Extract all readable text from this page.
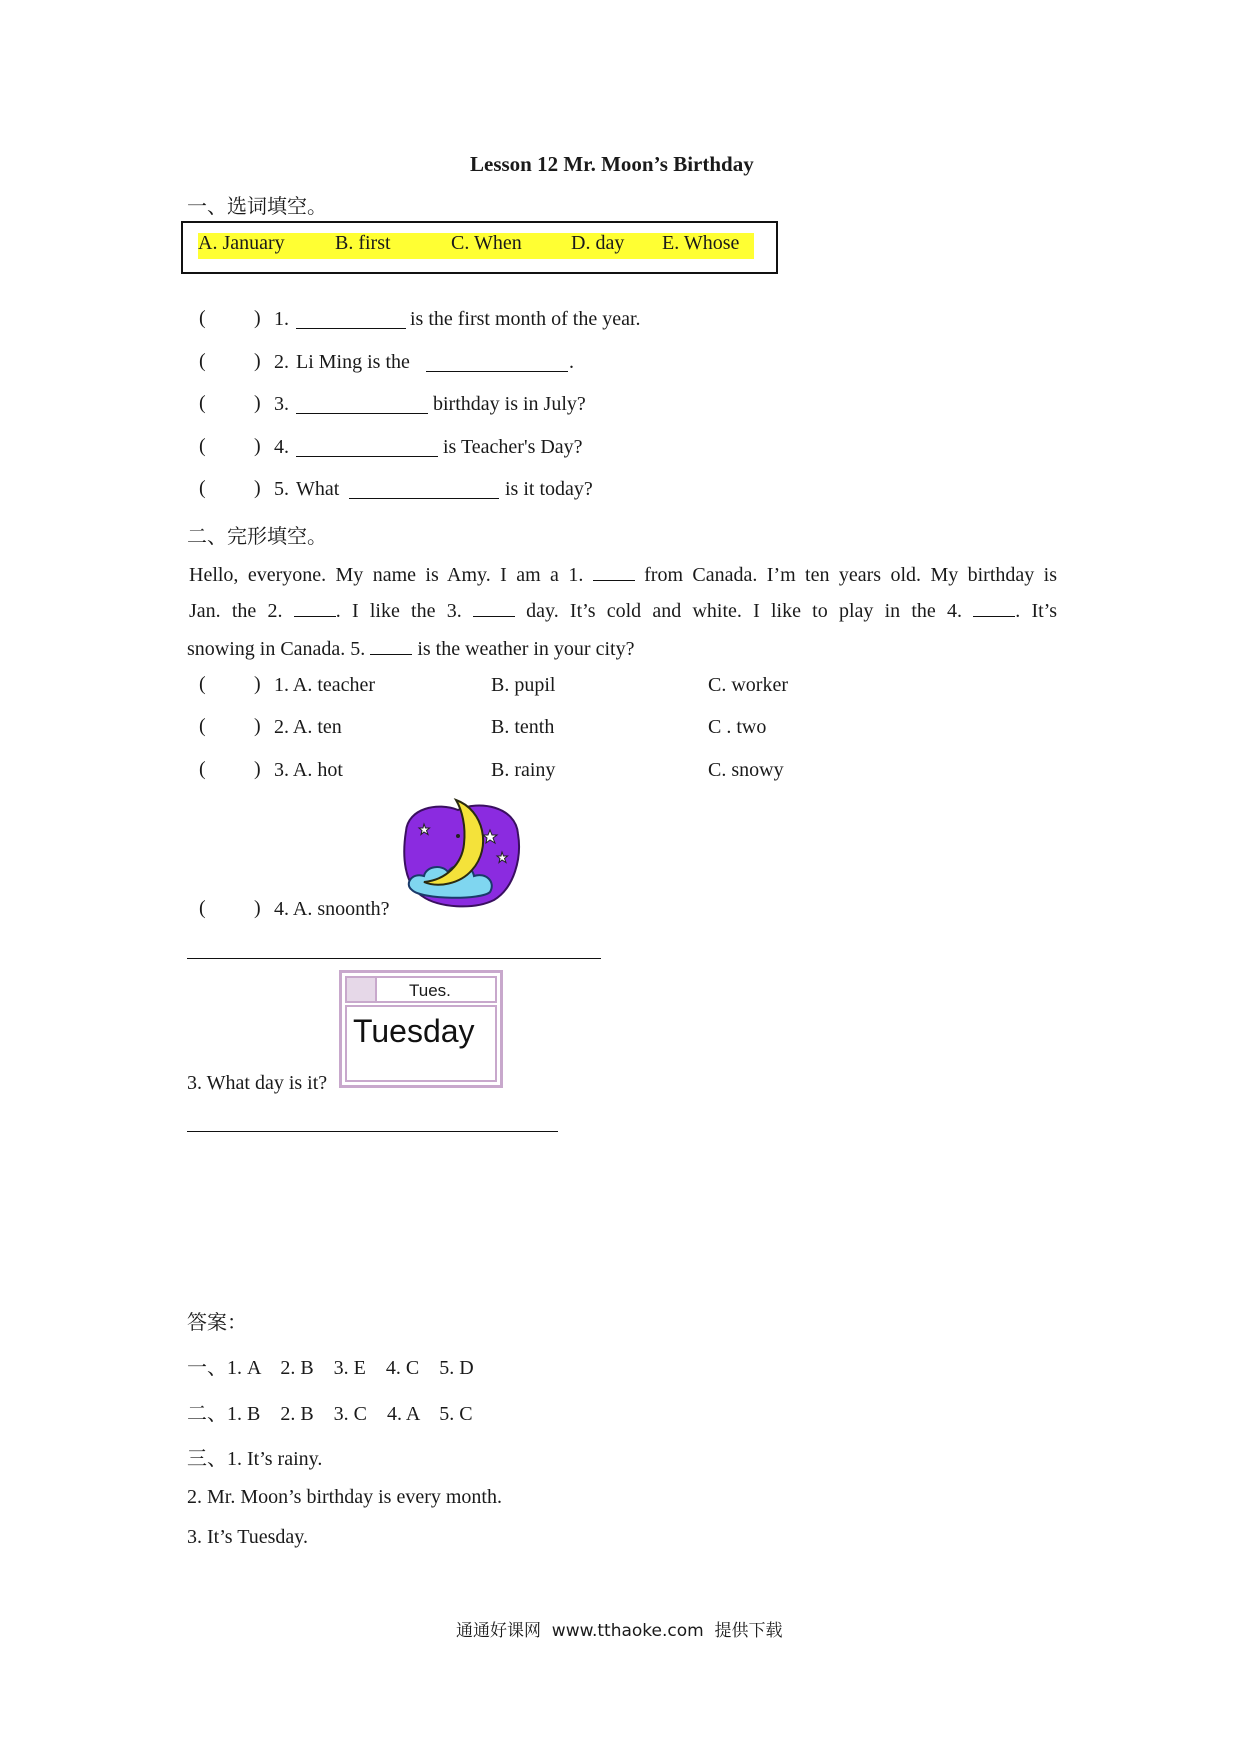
Lesson 12 Mr. Moon’s Birthday
一、选词填空。
A. January	B. first	C. When D. day E. Whose
( ) 1.	is the first month of the year.
( ) 2. Li Ming is the	.
( ) 3.	birthday is in July?
( ) 4.	is Teacher's Day?
( ) 5. What	is it today?
二、完形填空。
Hello, everyone. My name is Amy. I am a 1.	from Canada. I’m ten years old. My birthday is
Jan. the 2.	. I like the 3.	day. It’s cold and white. I like to play in the 4.	. It’s
snowing in Canada. 5.	is the weather in your city?
( ) 1. A. teacher	B. pupil	C. worker
( ) 2. A. ten	B. tenth	C . two
( ) 3. A. hot	B. rainy	C. snowy
( ) 4. A. snoonth?
Tues.
Tuesday
3. What day is it?
答案：
一、1. A    2. B    3. E    4. C    5. D
二、1. B    2. B    3. C    4. A    5. C
三、1. It’s rainy.
2. Mr. Moon’s birthday is every month.
3. It’s Tuesday.
通通好课网  www.tthaoke.com  提供下载
